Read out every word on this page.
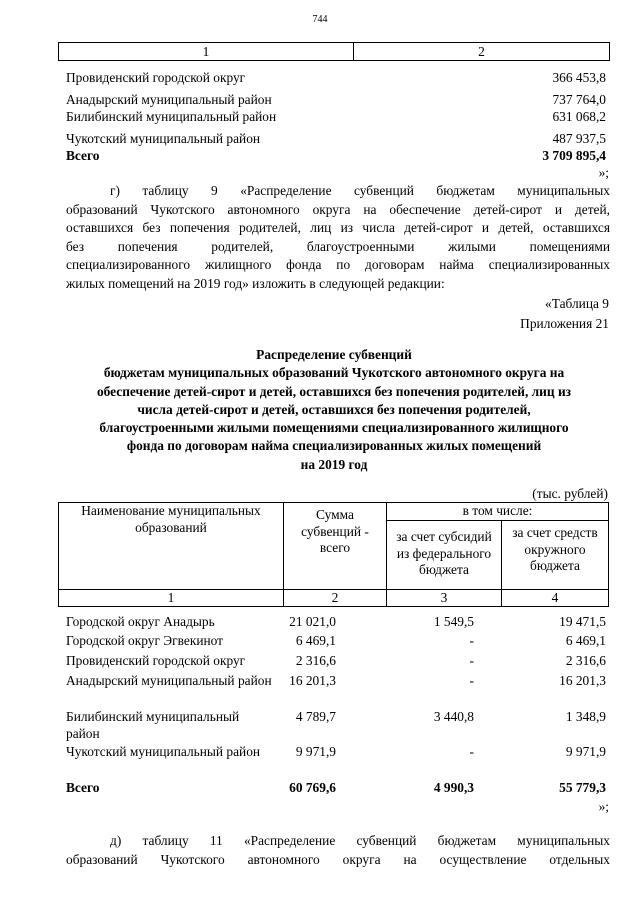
744
1	2
Провиденский городской округ	366 453,8
Анадырский муниципальный район	737 764,0
Билибинский муниципальный район	631 068,2
Чукотский муниципальный район	487 937,5
Всего	3 709 895,4
»;
г) таблицу 9 «Распределение субвенций бюджетам муниципальных
образований Чукотского автономного округа на обеспечение детей-сирот и детей,
оставшихся без попечения родителей, лиц из числа детей-сирот и детей, оставшихся
без попечения родителей, благоустроенными жилыми помещениями
специализированного жилищного фонда по договорам найма специализированных
жилых помещений на 2019 год» изложить в следующей редакции:
«Таблица 9
Приложения 21
Распределение субвенций
бюджетам муниципальных образований Чукотского автономного округа на
обеспечение детей-сирот и детей, оставшихся без попечения родителей, лиц из
числа детей-сирот и детей, оставшихся без попечения родителей,
благоустроенными жилыми помещениями специализированного жилищного
фонда по договорам найма специализированных жилых помещений
на 2019 год
(тыс. рублей)
Наименование муниципальных образований	Сумма субвенций - всего	в том числе:	
		за счет субсидий из федерального бюджета	за счет средств окружного бюджета
1	2	3	4
Городской округ Анадырь	21 021,0	1 549,5	19 471,5
Городской округ Эгвекинот	6 469,1	-	6 469,1
Провиденский городской округ	2 316,6	-	2 316,6
Анадырский муниципальный район 16 201,3	-	16 201,3
Билибинский муниципальный район
4 789,7	3 440,8	1 348,9
Чукотский муниципальный район	9 971,9	-	9 971,9
Всего	60 769,6	4 990,3	55 779,3
»;
д) таблицу 11 «Распределение субвенций бюджетам муниципальных
образований Чукотского автономного округа на осуществление отдельных
